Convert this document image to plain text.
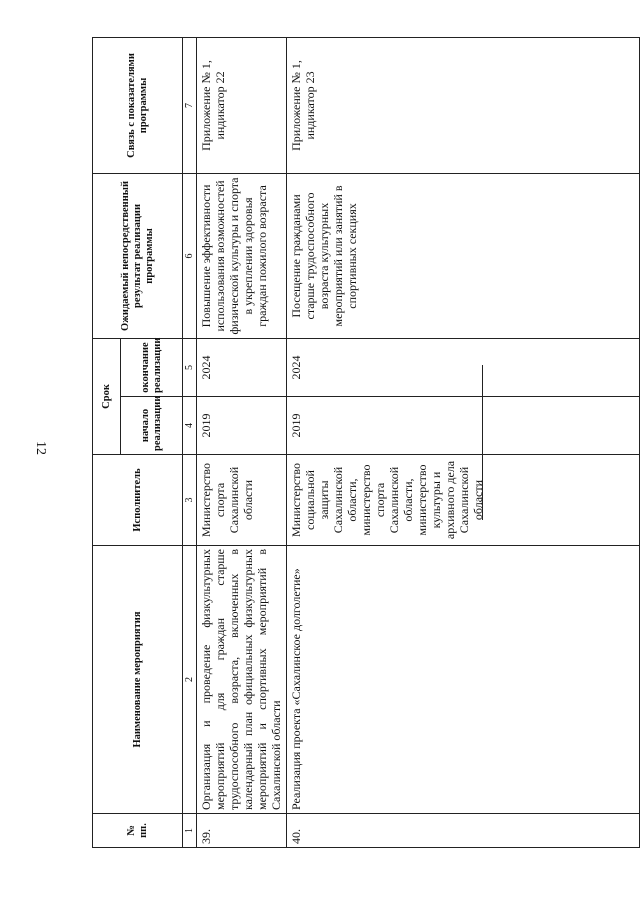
12
№ пп.	Наименование мероприятия	Исполнитель	Срок		Ожидаемый непосредственный результат реализации программы	Связь с показателями программы
			начало реализации	окончание реализации		
1	2	3	4	5	6	7
39.	Организация и проведение физкультурных мероприятий для граждан старше трудоспособного возраста, включенных в календарный план официальных физкультурных мероприятий и спортивных мероприятий в Сахалинской области	Министерство спорта Сахалинской области	2019	2024	Повышение эффективности использования возможностей физической культуры и спорта в укреплении здоровья граждан пожилого возраста	Приложение № 1, индикатор 22
40.	Реализация проекта «Сахалинское долголетие»	Министерство социальной защиты Сахалинской области, министерство спорта Сахалинской области, министерство культуры и архивного дела Сахалинской области	2019	2024	Посещение гражданами старше трудоспособного возраста культурных мероприятий или занятий в спортивных секциях	Приложение № 1, индикатор 23
